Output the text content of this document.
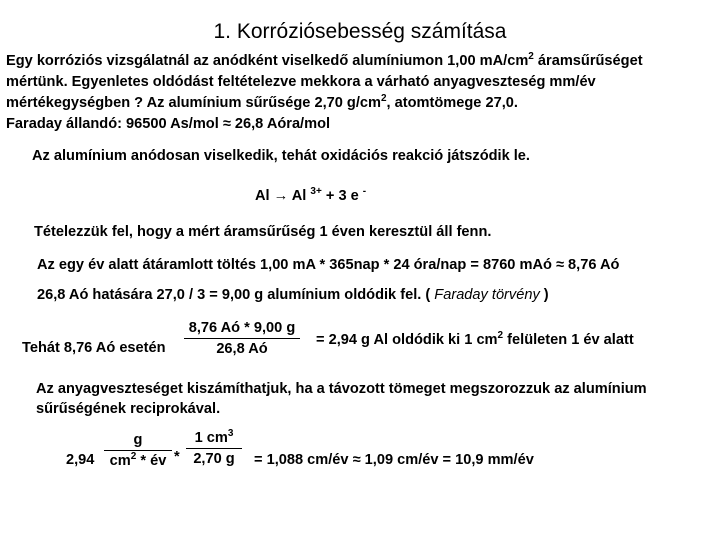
1. Korróziósebesség számítása
Egy korróziós vizsgálatnál az anódként viselkedő alumíniumon 1,00 $mA/cm^2$ áramsűrűséget
mértünk. Egyenletes oldódást feltételezve mekkora a várható anyagveszteség mm/év
mértékegységben ? Az alumínium sűrűsége 2,70 $g/cm^2$, atomtömege 27,0.
Faraday állandó: 96500 As/mol ≈ 26,8 Aóra/mol
Az alumínium anódosan viselkedik, tehát oxidációs reakció játszódik le.
Al → Al $^{3+}$ + 3 e -
Tételezzük fel, hogy a mért áramsűrűség 1 éven keresztül áll fenn.
Az egy év alatt átáramlott töltés 1,00 mA * 365nap * 24 óra/nap = 8760 mAó ≈ 8,76 Aó
26,8 Aó hatására 27,0 / 3 = 9,00 g alumínium oldódik fel. ( Faraday törvény )
Tehát 8,76 Aó esetén
8,76 Aó * 9,00 g
26,8 Aó
= 2,94 g Al oldódik ki 1 $cm^2$ felületen 1 év alatt
Az anyagveszteséget kiszámíthatjuk, ha a távozott tömeget megszorozzuk az alumínium
sűrűségének reciprokával.
2,94
g
$cm^2$ * év *
1 $cm^3$
2,70 g	= 1,088 cm/év ≈ 1,09 cm/év = 10,9 mm/év
